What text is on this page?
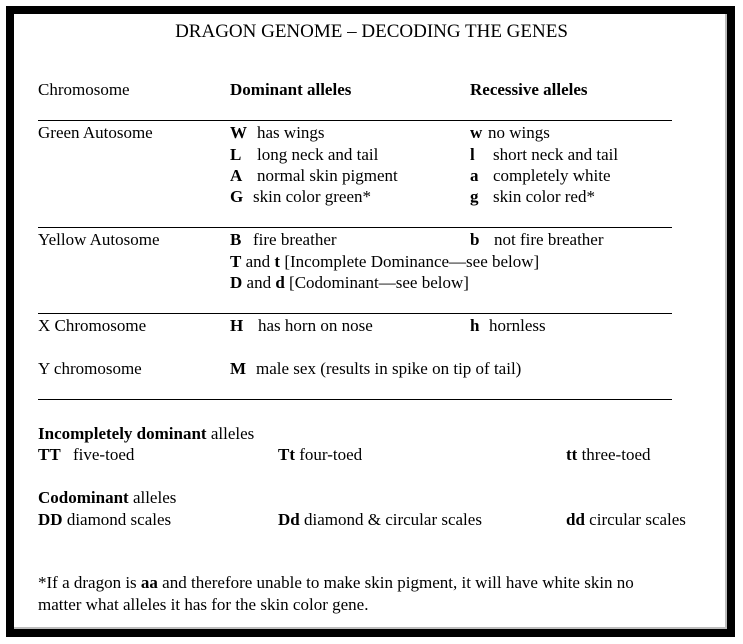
DRAGON GENOME – DECODING THE GENES
Chromosome	Dominant alleles	Recessive alleles
Green Autosome	W has wings	w no wings
L long neck and tail	l short neck and tail
A normal skin pigment	a completely white
G skin color green*	g skin color red*
Yellow Autosome	B fire breather	b not fire breather
T and t [Incomplete Dominance—see below]
D and d [Codominant—see below]
X Chromosome	H has horn on nose	h hornless
Y chromosome	M male sex (results in spike on tip of tail)
Incompletely dominant alleles
TT five-toed	Tt four-toed	tt three-toed
Codominant alleles
DD diamond scales	Dd diamond & circular scales	dd circular scales
*If a dragon is aa and therefore unable to make skin pigment, it will have white skin no
matter what alleles it has for the skin color gene.
